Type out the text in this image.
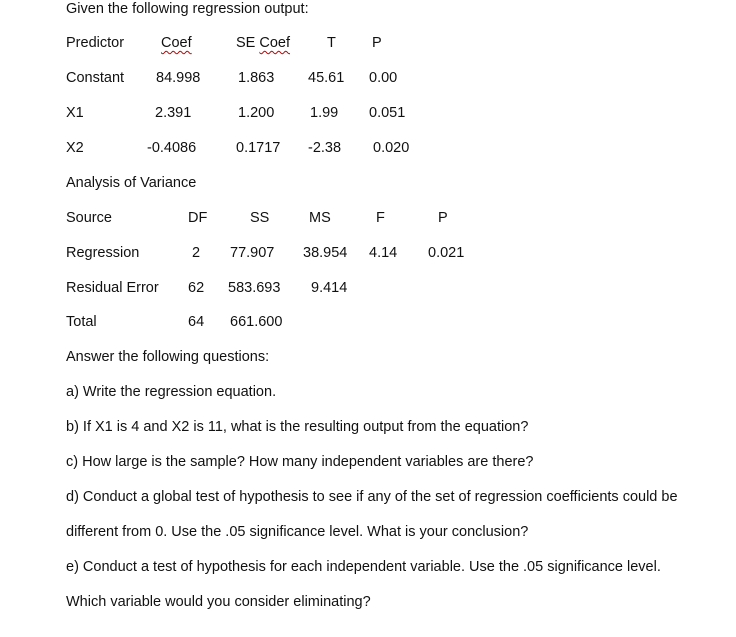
Given the following regression output:
Predictor	Coef	SE Coef	T P
Constant 84.998	1.863 45.61 0.00
X1	2.391	1.200 1.99 0.051
X2	-0.4086	0.1717 -2.38 0.020
Analysis of Variance
Source	DF	SS	MS	F	P
Regression	2 77.907 38.954 4.14 0.021
Residual Error 62 583.693 9.414
Total	64 661.600
Answer the following questions:
a) Write the regression equation.
b) If X1 is 4 and X2 is 11, what is the resulting output from the equation?
c) How large is the sample? How many independent variables are there?
d) Conduct a global test of hypothesis to see if any of the set of regression coefficients could be
different from 0. Use the .05 significance level. What is your conclusion?
e) Conduct a test of hypothesis for each independent variable. Use the .05 significance level.
Which variable would you consider eliminating?
